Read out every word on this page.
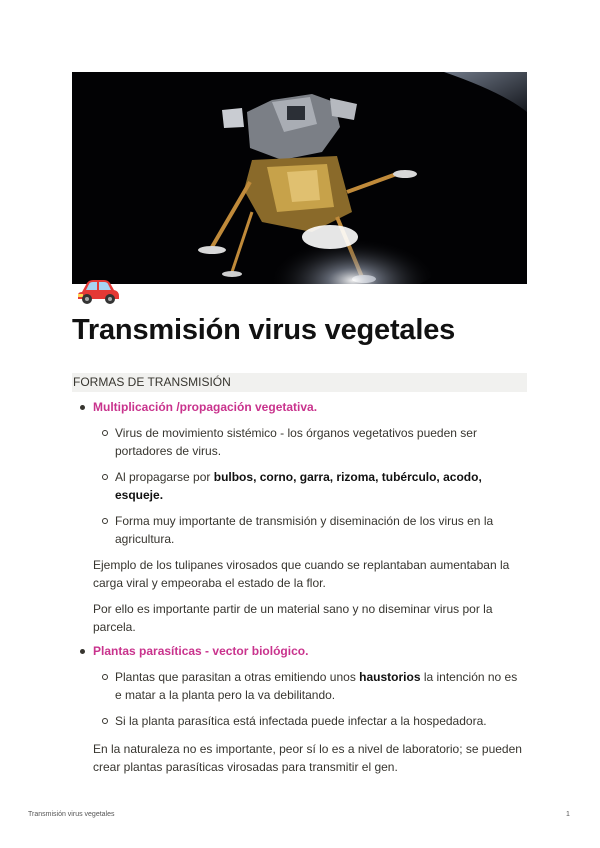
Transmisión virus vegetales
FORMAS DE TRANSMISIÓN
Multiplicación /propagación vegetativa.
Virus de movimiento sistémico - los órganos vegetativos pueden ser portadores de virus.
Al propagarse por bulbos, corno, garra, rizoma, tubérculo, acodo, esqueje.
Forma muy importante de transmisión y diseminación de los virus en la agricultura.

Ejemplo de los tulipanes virosados que cuando se replantaban aumentaban la carga viral y empeoraba el estado de la flor.

Por ello es importante partir de un material sano y no diseminar virus por la parcela.

Plantas parasíticas - vector biológico.
Plantas que parasitan a otras emitiendo unos haustorios la intención no es e matar a la planta pero la va debilitando.
Si la planta parasítica está infectada puede infectar a la hospedadora.

En la naturaleza no es importante, peor sí lo es a nivel de laboratorio; se pueden crear plantas parasíticas virosadas para transmitir el gen.

Transmisión virus vegetales	1
